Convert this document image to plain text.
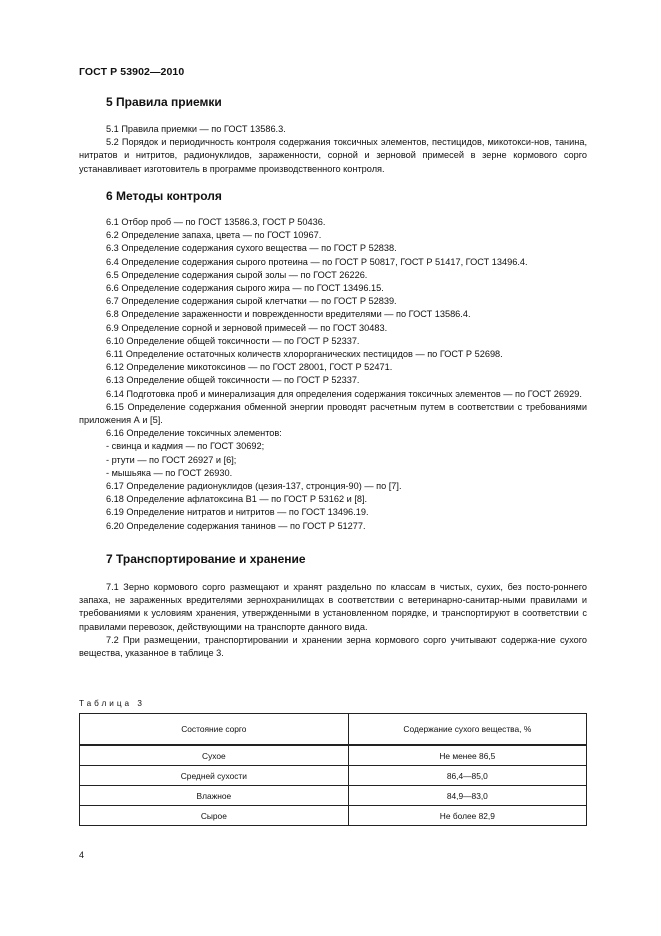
ГОСТ Р 53902—2010
5 Правила приемки

5.1 Правила приемки — по ГОСТ 13586.3.

5.2 Порядок и периодичность контроля содержания токсичных элементов, пестицидов, микотокси-нов, танина, нитратов и нитритов, радионуклидов, зараженности, сорной и зерновой примесей в зерне кормового сорго устанавливает изготовитель в программе производственного контроля.

6 Методы контроля
6.1 Отбор проб — по ГОСТ 13586.3, ГОСТ Р 50436.
6.2 Определение запаха, цвета — по ГОСТ 10967.
6.3 Определение содержания сухого вещества — по ГОСТ Р 52838.
6.4 Определение содержания сырого протеина — по ГОСТ Р 50817, ГОСТ Р 51417, ГОСТ 13496.4.
6.5 Определение содержания сырой золы — по ГОСТ 26226.
6.6 Определение содержания сырого жира — по ГОСТ 13496.15.
6.7 Определение содержания сырой клетчатки — по ГОСТ Р 52839.
6.8 Определение зараженности и поврежденности вредителями — по ГОСТ 13586.4.
6.9 Определение сорной и зерновой примесей — по ГОСТ 30483.
6.10 Определение общей токсичности — по ГОСТ Р 52337.
6.11 Определение остаточных количеств хлорорганических пестицидов — по ГОСТ Р 52698.
6.12 Определение микотоксинов — по ГОСТ 28001, ГОСТ Р 52471.
6.13 Определение общей токсичности — по ГОСТ Р 52337.

6.14 Подготовка проб и минерализация для определения содержания токсичных элементов — по ГОСТ 26929.

6.15 Определение содержания обменной энергии проводят расчетным путем в соответствии с требованиями приложения А и [5].

6.16 Определение токсичных элементов:
- свинца и кадмия — по ГОСТ 30692;
- ртути — по ГОСТ 26927 и [6];
- мышьяка — по ГОСТ 26930.
6.17 Определение радионуклидов (цезия-137, стронция-90) — по [7].
6.18 Определение афлатоксина В1 — по ГОСТ Р 53162 и [8].
6.19 Определение нитратов и нитритов — по ГОСТ 13496.19.
6.20 Определение содержания танинов — по ГОСТ Р 51277.
7 Транспортирование и хранение

7.1 Зерно кормового сорго размещают и хранят раздельно по классам в чистых, сухих, без посто-роннего запаха, не зараженных вредителями зернохранилищах в соответствии с ветеринарно-санитар-ными правилами и требованиями к условиям хранения, утвержденными в установленном порядке, и транспортируют в соответствии с правилами перевозок, действующими на транспорте данного вида.

7.2 При размещении, транспортировании и хранении зерна кормового сорго учитывают содержа-ние сухого вещества, указанное в таблице 3.

Таблица 3
Состояние сорго	Содержание сухого вещества, %
Сухое	Не менее 86,5
Средней сухости	86,4—85,0
Влажное	84,9—83,0
Сырое	Не более 82,9
4
